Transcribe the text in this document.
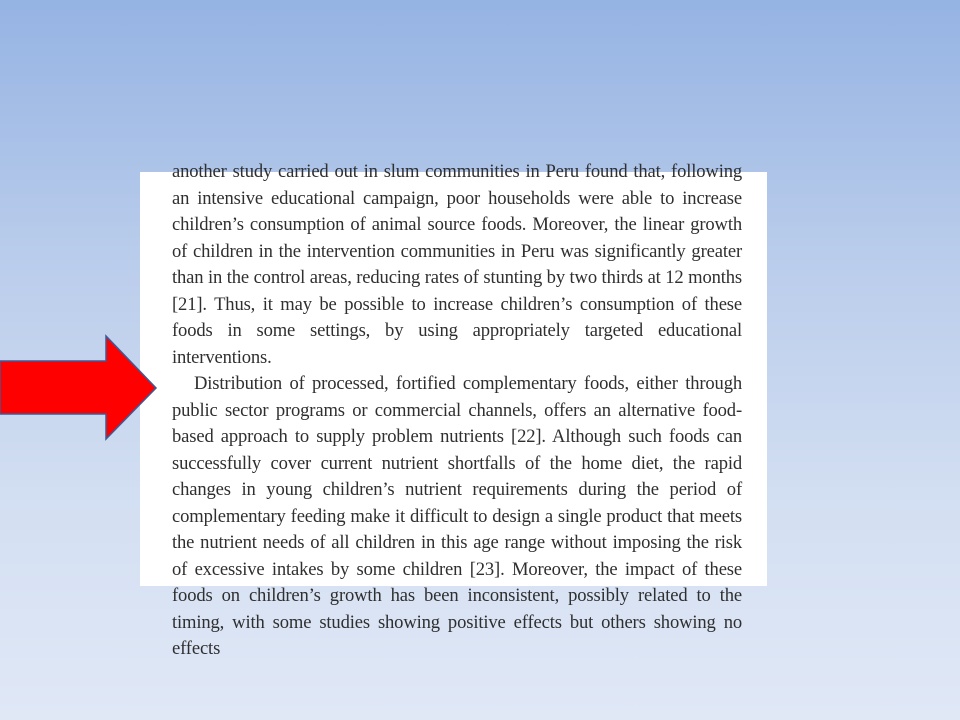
another study carried out in slum communities in Peru found that, following an intensive educational campaign, poor households were able to increase children’s consumption of animal source foods. Moreover, the linear growth of children in the intervention communities in Peru was significantly greater than in the control areas, reducing rates of stunting by two thirds at 12 months [21]. Thus, it may be possible to increase children’s consumption of these foods in some settings, by using appropriately targeted educational interventions.

Distribution of processed, fortified complementary foods, either through public sector programs or commercial channels, offers an alternative food-based approach to supply problem nutrients [22]. Although such foods can successfully cover current nutrient shortfalls of the home diet, the rapid changes in young children’s nutrient requirements during the period of complementary feeding make it difficult to design a single product that meets the nutrient needs of all children in this age range without imposing the risk of excessive intakes by some children [23]. Moreover, the impact of these foods on children’s growth has been inconsistent, possibly related to the timing, with some studies showing positive effects but others showing no effects
